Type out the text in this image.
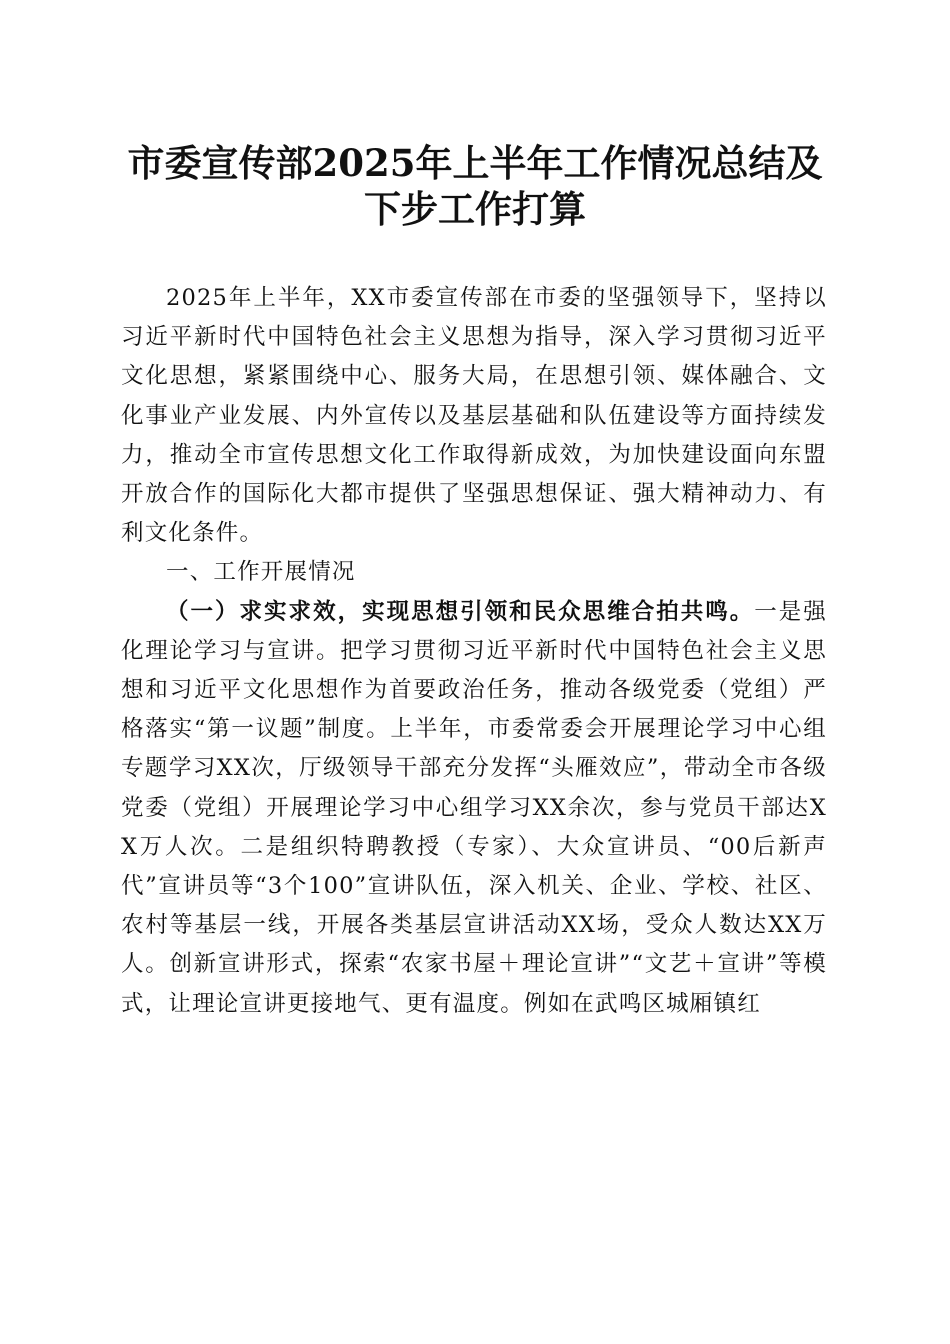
市委宣传部2025年上半年工作情况总结及下步工作打算

2025年上半年，XX市委宣传部在市委的坚强领导下，坚持以习近平新时代中国特色社会主义思想为指导，深入学习贯彻习近平文化思想，紧紧围绕中心、服务大局，在思想引领、媒体融合、文化事业产业发展、内外宣传以及基层基础和队伍建设等方面持续发力，推动全市宣传思想文化工作取得新成效，为加快建设面向东盟开放合作的国际化大都市提供了坚强思想保证、强大精神动力、有利文化条件。

一、工作开展情况

（一）求实求效，实现思想引领和民众思维合拍共鸣。一是强化理论学习与宣讲。把学习贯彻习近平新时代中国特色社会主义思想和习近平文化思想作为首要政治任务，推动各级党委（党组）严格落实“第一议题”制度。上半年，市委常委会开展理论学习中心组专题学习XX次，厅级领导干部充分发挥“头雁效应”，带动全市各级党委（党组）开展理论学习中心组学习XX余次，参与党员干部达XX万人次。二是组织特聘教授（专家）、大众宣讲员、“00后新声代”宣讲员等“3个100”宣讲队伍，深入机关、企业、学校、社区、农村等基层一线，开展各类基层宣讲活动XX场，受众人数达XX万人。创新宣讲形式，探索“农家书屋＋理论宣讲”“文艺＋宣讲”等模式，让理论宣讲更接地气、更有温度。例如在武鸣区城厢镇红
